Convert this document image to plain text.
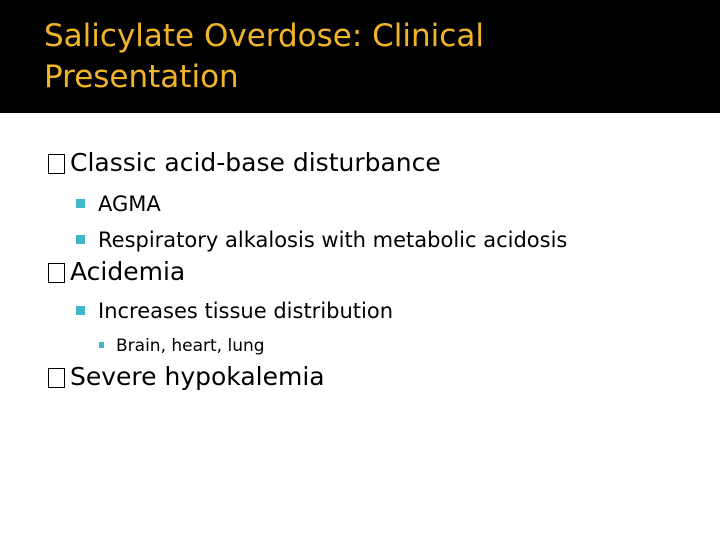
Salicylate Overdose: Clinical Presentation
Classic acid-base disturbance
AGMA
Respiratory alkalosis with metabolic acidosis
Acidemia
Increases tissue distribution
Brain, heart, lung
Severe hypokalemia
